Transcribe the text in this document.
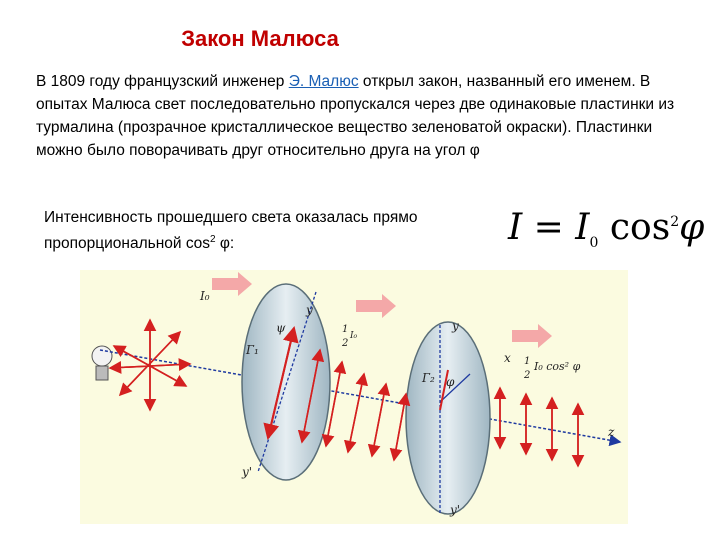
Закон Малюса
В 1809 году французский инженер Э. Малюс открыл закон, названный его именем. В опытах Малюса свет последовательно пропускался через две одинаковые пластинки из турмалина (прозрачное кристаллическое вещество зеленоватой окраски). Пластинки можно было поворачивать друг относительно друга на угол φ
Интенсивность прошедшего света оказалась прямо пропорциональной $\cos^2 \varphi$:	$I = I_0$ $\cos^2\varphi$
I₀
y
ψ	1
2
I₀
Г₁
y'
y
Г₂ φ
x 1
2
I₀ cos² φ
z
y'
